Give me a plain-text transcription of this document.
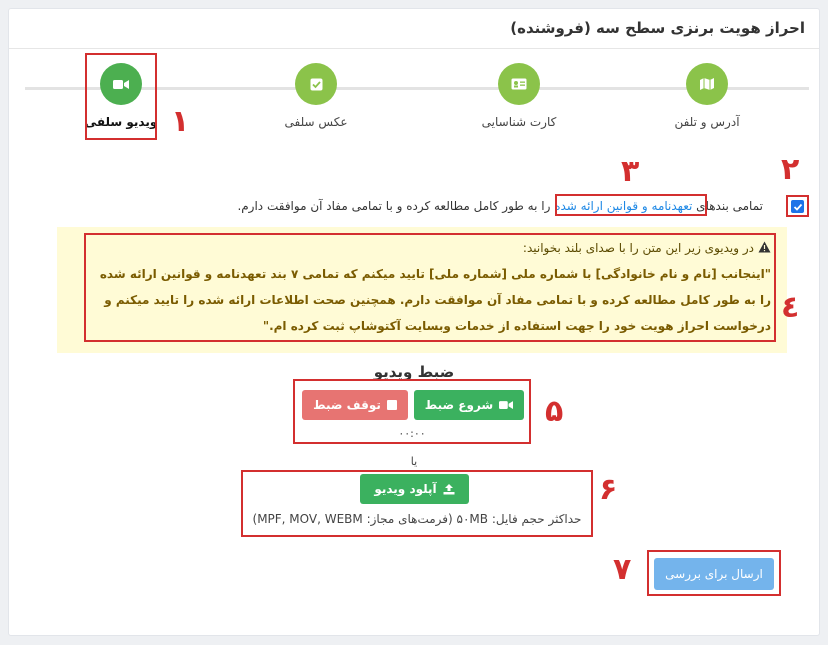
احراز هویت برنزی سطح سه (فروشنده)
آدرس و تلفن
کارت شناسایی
عکس سلفی
ویدیو سلفی ۱
تمامی بندهای تعهدنامه و قوانین ارائه شده را به طور کامل مطالعه کرده و با تمامی مفاد آن موافقت دارم.
۳	۲
در ویدیوی زیر این متن را با صدای بلند بخوانید:
"اینجانب [نام و نام خانوادگی] با شماره ملی [شماره ملی] تایید میکنم که تمامی ۷ بند تعهدنامه و قوانین ارائه شده را به طور کامل مطالعه کرده و با تمامی مفاد آن موافقت دارم. همچنین صحت اطلاعات ارائه شده را تایید میکنم و درخواست احراز هویت خود را جهت استفاده از خدمات وبسایت آکتوشاپ ثبت کرده ام."
٤
ضبط ویدیو
شروع ضبط
توقف ضبط
۰۰:۰۰
۵
یا
آپلود ویدیو
حداکثر حجم فایل: ۵۰MB (فرمت‌های مجاز: MPF, MOV, WEBM)
۶
ارسال برای بررسی
۷
